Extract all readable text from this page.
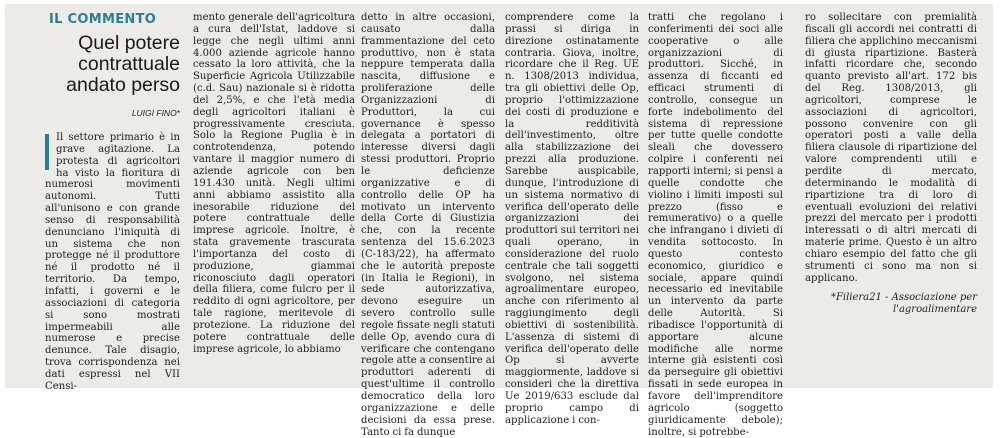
IL COMMENTO
Quel potere contrattuale andato perso
LUIGI FINO*

Il settore primario è in grave agitazione. La protesta di agricoltori ha visto la fioritura di numerosi movimenti autonomi. Tutti all'unisono e con grande senso di responsabilità denunciano l'iniquità di un sistema che non protegge né il produttore né il prodotto né il territorio. Da tempo, infatti, i governi e le associazioni di categoria si sono mostrati impermeabili alle numerose e precise denunce. Tale disagio, trova corrispondenza nei dati espressi nel VII Censi-

mento generale dell'agricoltura a cura dell'Istat, laddove si legge che negli ultimi anni 4.000 aziende agricole hanno cessato la loro attività, che la Superficie Agricola Utilizzabile (c.d. Sau) nazionale si è ridotta del 2,5%, e che l'età media degli agricoltori italiani è progressivamente cresciuta. Solo la Regione Puglia è in controtendenza, potendo vantare il maggior numero di aziende agricole con ben 191.430 unità. Negli ultimi anni abbiamo assistito alla inesorabile riduzione del potere contrattuale delle imprese agricole. Inoltre, è stata gravemente trascurata l'importanza del costo di produzione, giammai riconosciuto dagli operatori della filiera, come fulcro per il reddito di ogni agricoltore, per tale ragione, meritevole di protezione. La riduzione del potere contrattuale delle imprese agricole, lo abbiamo

detto in altre occasioni, causato dalla frammentazione del ceto produttivo, non è stata neppure temperata dalla nascita, diffusione e proliferazione delle Organizzazioni di Produttori, la cui governance è spesso delegata a portatori di interesse diversi dagli stessi produttori. Proprio le deficienze organizzative e di controllo delle OP ha motivato un intervento della Corte di Giustizia che, con la recente sentenza del 15.6.2023 (C-183/22), ha affermato che le autorità preposte (in Italia le Regioni), in sede autorizzativa, devono eseguire un severo controllo sulle regole fissate negli statuti delle Op, avendo cura di verificare che contengano regole atte a consentire ai produttori aderenti di quest'ultime il controllo democratico della loro organizzazione e delle decisioni da essa prese. Tanto ci fa dunque

comprendere come la prassi si diriga in direzione ostinatamente contraria. Giova, inoltre, ricordare che il Reg. UE n. 1308/2013 individua, tra gli obiettivi delle Op, proprio l'ottimizzazione dei costi di produzione e la redditività dell'investimento, oltre alla stabilizzazione dei prezzi alla produzione. Sarebbe auspicabile, dunque, l'introduzione di un sistema normativo di verifica dell'operato delle organizzazioni dei produttori sui territori nei quali operano, in considerazione del ruolo centrale che tali soggetti svolgono, nel sistema agroalimentare europeo, anche con riferimento al raggiungimento degli obiettivi di sostenibilità. L'assenza di sistemi di verifica dell'operato delle Op si avverte maggiormente, laddove si consideri che la direttiva Ue 2019/633 esclude dal proprio campo di applicazione i con-

tratti che regolano i conferimenti dei soci alle cooperative o alle organizzazioni di produttori. Sicché, in assenza di ficcanti ed efficaci strumenti di controllo, consegue un forte indebolimento del sistema di repressione per tutte quelle condotte sleali che dovessero colpire i conferenti nei rapporti interni; si pensi a quelle condotte che violino i limiti imposti sul prezzo (fisso e remunerativo) o a quelle che infrangano i divieti di vendita sottocosto. In questo contesto economico, giuridico e sociale, appare quindi necessario ed inevitabile un intervento da parte delle Autorità. Si ribadisce l'opportunità di apportare alcune modifiche alle norme interne già esistenti così da perseguire gli obiettivi fissati in sede europea in favore dell'imprenditore agricolo (soggetto giuridicamente debole); inoltre, si potrebbe-

ro sollecitare con premialità fiscali gli accordi nei contratti di filiera che applichino meccanismi di giusta ripartizione. Basterà infatti ricordare che, secondo quanto previsto all'art. 172 bis del Reg. 1308/2013, gli agricoltori, comprese le associazioni di agricoltori, possono convenire con gli operatori posti a valle della filiera clausole di ripartizione del valore comprendenti utili e perdite di mercato, determinando le modalità di ripartizione tra di loro di eventuali evoluzioni dei relativi prezzi del mercato per i prodotti interessati o di altri mercati di materie prime. Questo è un altro chiaro esempio del fatto che gli strumenti ci sono ma non si applicano.

*Filiera21 - Associazione per l'agroalimentare
